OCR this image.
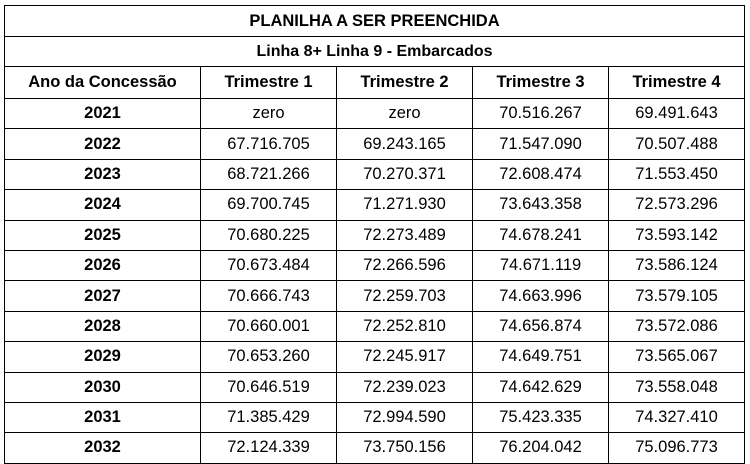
PLANILHA A SER PREENCHIDA				
Linha 8+ Linha 9 - Embarcados				
Ano da Concessão	Trimestre 1	Trimestre 2	Trimestre 3	Trimestre 4
2021	zero	zero	70.516.267	69.491.643
2022	67.716.705	69.243.165	71.547.090	70.507.488
2023	68.721.266	70.270.371	72.608.474	71.553.450
2024	69.700.745	71.271.930	73.643.358	72.573.296
2025	70.680.225	72.273.489	74.678.241	73.593.142
2026	70.673.484	72.266.596	74.671.119	73.586.124
2027	70.666.743	72.259.703	74.663.996	73.579.105
2028	70.660.001	72.252.810	74.656.874	73.572.086
2029	70.653.260	72.245.917	74.649.751	73.565.067
2030	70.646.519	72.239.023	74.642.629	73.558.048
2031	71.385.429	72.994.590	75.423.335	74.327.410
2032	72.124.339	73.750.156	76.204.042	75.096.773
